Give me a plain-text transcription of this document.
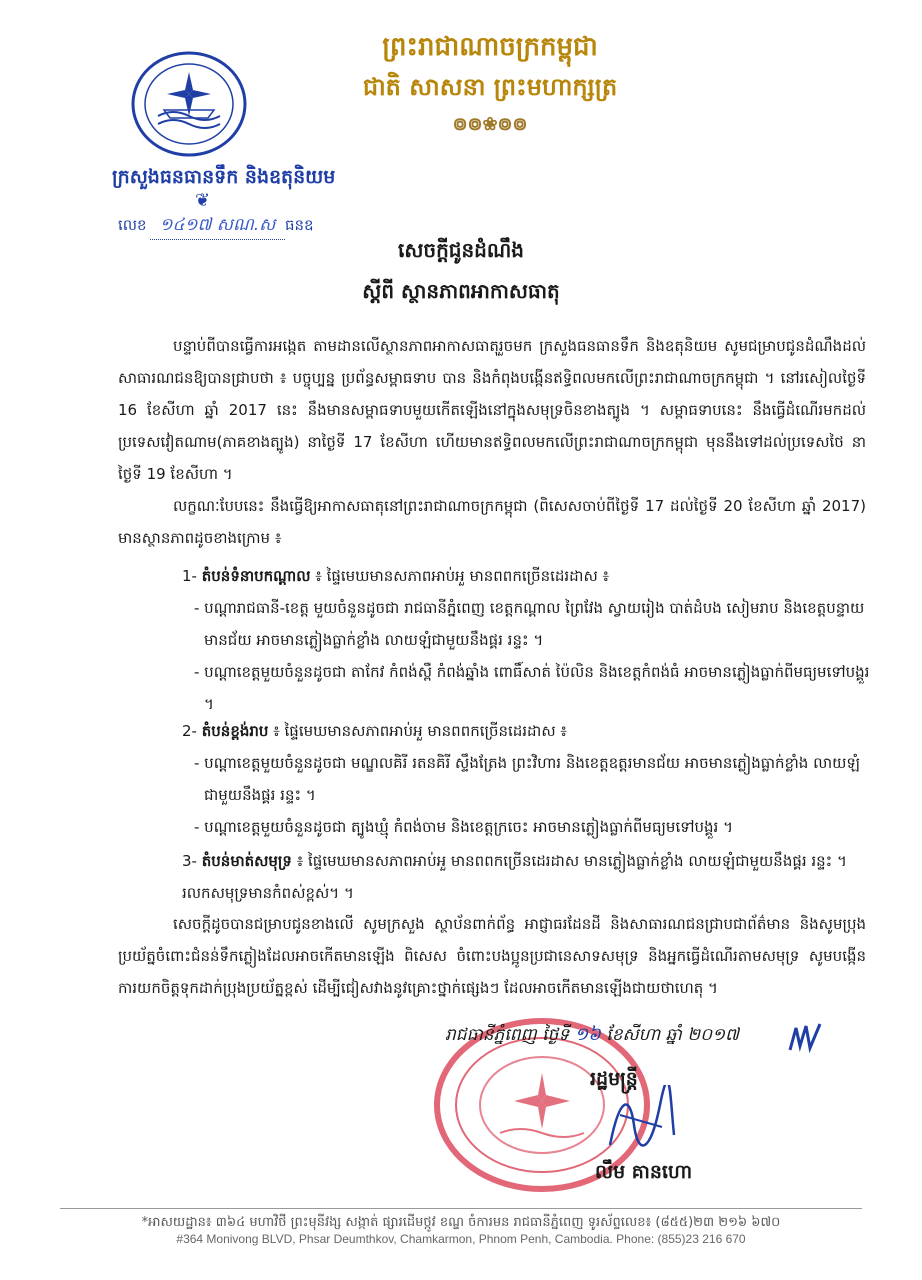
ព្រះរាជាណាចក្រកម្ពុជា
ជាតិ សាសនា ព្រះមហាក្សត្រ
៙៙❀៙៙
ក្រសួងធនធានទឹក និងឧតុនិយម
❦
លេខ ១៤១៧ សណ.ស ធនឧ
សេចក្តីជូនដំណឹង
ស្តីពី ស្ថានភាពអាកាសធាតុ
បន្ទាប់ពីបានធ្វើការអង្កេត តាមដានលើស្ថានភាពអាកាសធាតុរួចមក ក្រសួងធនធានទឹក និងឧតុនិយម សូមជម្រាបជូនដំណឹងដល់សាធារណជនឱ្យបានជ្រាបថា ៖ បច្ចុប្បន្ន ប្រព័ន្ធសម្ពាធទាប បាន និងកំពុងបង្កើនឥទ្ធិពលមកលើព្រះរាជាណាចក្រកម្ពុជា ។ នៅរសៀលថ្ងៃទី 16 ខែសីហា ឆ្នាំ 2017 នេះ នឹងមានសម្ពាធទាបមួយកើតឡើងនៅក្នុងសមុទ្រចិនខាងត្បូង ។ សម្ពាធទាបនេះ នឹងធ្វើដំណើរមកដល់ប្រទេសវៀតណាម(ភាគខាងត្បូង) នាថ្ងៃទី 17 ខែសីហា ហើយមានឥទ្ធិពលមកលើព្រះរាជាណាចក្រកម្ពុជា មុននឹងទៅដល់ប្រទេសថៃ នាថ្ងៃទី 19 ខែសីហា ។
លក្ខណៈបែបនេះ នឹងធ្វើឱ្យអាកាសធាតុនៅព្រះរាជាណាចក្រកម្ពុជា (ពិសេសចាប់ពីថ្ងៃទី 17 ដល់ថ្ងៃទី 20 ខែសីហា ឆ្នាំ 2017) មានស្ថានភាពដូចខាងក្រោម ៖
1- តំបន់ទំនាបកណ្តាល ៖ ផ្ទៃមេឃមានសភាពអាប់អួ មានពពកច្រើនដេរដាស ៖
- បណ្តារាជធានី-ខេត្ត មួយចំនួនដូចជា រាជធានីភ្នំពេញ ខេត្តកណ្តាល ព្រៃវែង ស្វាយរៀង បាត់ដំបង សៀមរាប និងខេត្តបន្ទាយមានជ័យ អាចមានភ្លៀងធ្លាក់ខ្លាំង លាយឡំជាមួយនឹងផ្គរ រន្ទះ ។
- បណ្តាខេត្តមួយចំនួនដូចជា តាកែវ កំពង់ស្ពឺ កំពង់ឆ្នាំង ពោធិ៍សាត់ ប៉ៃលិន និងខេត្តកំពង់ធំ អាចមានភ្លៀងធ្លាក់ពីមធ្យមទៅបង្គួរ ។
2- តំបន់ខ្ពង់រាប ៖ ផ្ទៃមេឃមានសភាពអាប់អួ មានពពកច្រើនដេរដាស ៖
- បណ្តាខេត្តមួយចំនួនដូចជា មណ្ឌលគិរី រតនគិរី ស្ទឹងត្រែង ព្រះវិហារ និងខេត្តឧត្តរមានជ័យ អាចមានភ្លៀងធ្លាក់ខ្លាំង លាយឡំជាមួយនឹងផ្គរ រន្ទះ ។
- បណ្តាខេត្តមួយចំនួនដូចជា ត្បូងឃ្មុំ កំពង់ចាម និងខេត្តក្រចេះ អាចមានភ្លៀងធ្លាក់ពីមធ្យមទៅបង្គួរ ។
3- តំបន់មាត់សមុទ្រ ៖ ផ្ទៃមេឃមានសភាពអាប់អួ មានពពកច្រើនដេរដាស មានភ្លៀងធ្លាក់ខ្លាំង លាយឡំជាមួយនឹងផ្គរ រន្ទះ ។ រលកសមុទ្រមានកំពស់ខ្ពស់។ ។
សេចក្តីដូចបានជម្រាបជូនខាងលើ សូមក្រសួង ស្ថាប័នពាក់ព័ន្ធ អាជ្ញាធរដែនដី និងសាធារណជនជ្រាបជាព័ត៌មាន និងសូមប្រុងប្រយ័ត្នចំពោះជំនន់ទឹកភ្លៀងដែលអាចកើតមានឡើង ពិសេស ចំពោះបងប្អូនប្រជានេសាទសមុទ្រ និងអ្នកធ្វើដំណើរតាមសមុទ្រ សូមបង្កើនការយកចិត្តទុកដាក់ប្រុងប្រយ័ត្នខ្ពស់ ដើម្បីជៀសវាងនូវគ្រោះថ្នាក់ផ្សេងៗ ដែលអាចកើតមានឡើងជាយថាហេតុ ។
រាជធានីភ្នំពេញ ថ្ងៃទី ១៦ ខែសីហា ឆ្នាំ ២០១៧
រដ្ឋមន្ត្រី
លឹម គានហោ
*អាសយដ្ឋាន៖ ៣៦៤ មហាវិថី ព្រះមុនីវង្ស សង្កាត់ ផ្សារដើមថ្កូវ ខណ្ឌ ចំការមន រាជធានីភ្នំពេញ ទូរស័ព្ទលេខ៖ (៨៥៥)២៣ ២១៦ ៦៧០
#364 Monivong BLVD, Phsar Deumthkov, Chamkarmon, Phnom Penh, Cambodia. Phone: (855)23 216 670
